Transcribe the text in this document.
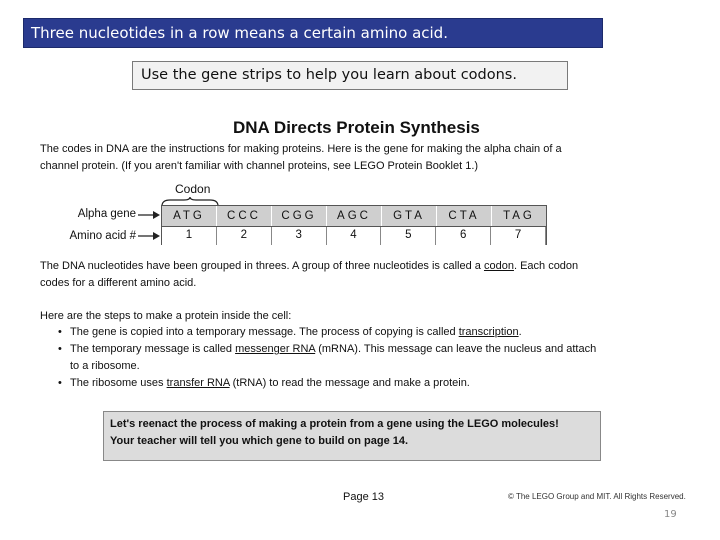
Three nucleotides in a row means a certain amino acid.
Use the gene strips to help you learn about codons.
DNA Directs Protein Synthesis
The codes in DNA are the instructions for making proteins. Here is the gene for making the alpha chain of a
channel protein. (If you aren't familiar with channel proteins, see LEGO Protein Booklet 1.)
Codon
Alpha gene
Amino acid #
ATG	CCC	CGG	AGC	GTA	CTA	TAG
1	2	3	4	5	6	7
The DNA nucleotides have been grouped in threes. A group of three nucleotides is called a codon. Each codon
codes for a different amino acid.
Here are the steps to make a protein inside the cell:
• The gene is copied into a temporary message. The process of copying is called transcription.
• The temporary message is called messenger RNA (mRNA). This message can leave the nucleus and attach
to a ribosome.
• The ribosome uses transfer RNA (tRNA) to read the message and make a protein.
Let's reenact the process of making a protein from a gene using the LEGO molecules!
Your teacher will tell you which gene to build on page 14.
Page 13	© The LEGO Group and MIT. All Rights Reserved.
19
